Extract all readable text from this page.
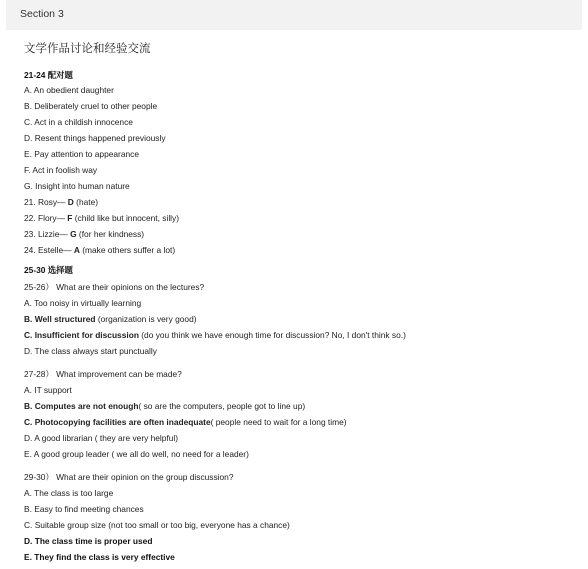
Section 3
文学作品讨论和经验交流
21-24 配对题
A. An obedient daughter
B. Deliberately cruel to other people
C. Act in a childish innocence
D. Resent things happened previously
E. Pay attention to appearance
F. Act in foolish way
G. Insight into human nature
21. Rosy— D (hate)
22. Flory— F (child like but innocent, silly)
23. Lizzie— G (for her kindness)
24. Estelle— A (make others suffer a lot)
25-30 选择题
25-26） What are their opinions on the lectures?
A. Too noisy in virtually learning
B. Well structured (organization is very good)
C. Insufficient for discussion (do you think we have enough time for discussion? No, I don't think so.)
D. The class always start punctually
27-28） What improvement can be made?
A. IT support
B. Computes are not enough( so are the computers, people got to line up)
C. Photocopying facilities are often inadequate( people need to wait for a long time)
D. A good librarian ( they are very helpful)
E. A good group leader ( we all do well, no need for a leader)
29-30） What are their opinion on the group discussion?
A. The class is too large
B. Easy to find meeting chances
C. Suitable group size (not too small or too big, everyone has a chance)
D. The class time is proper used
E. They find the class is very effective
